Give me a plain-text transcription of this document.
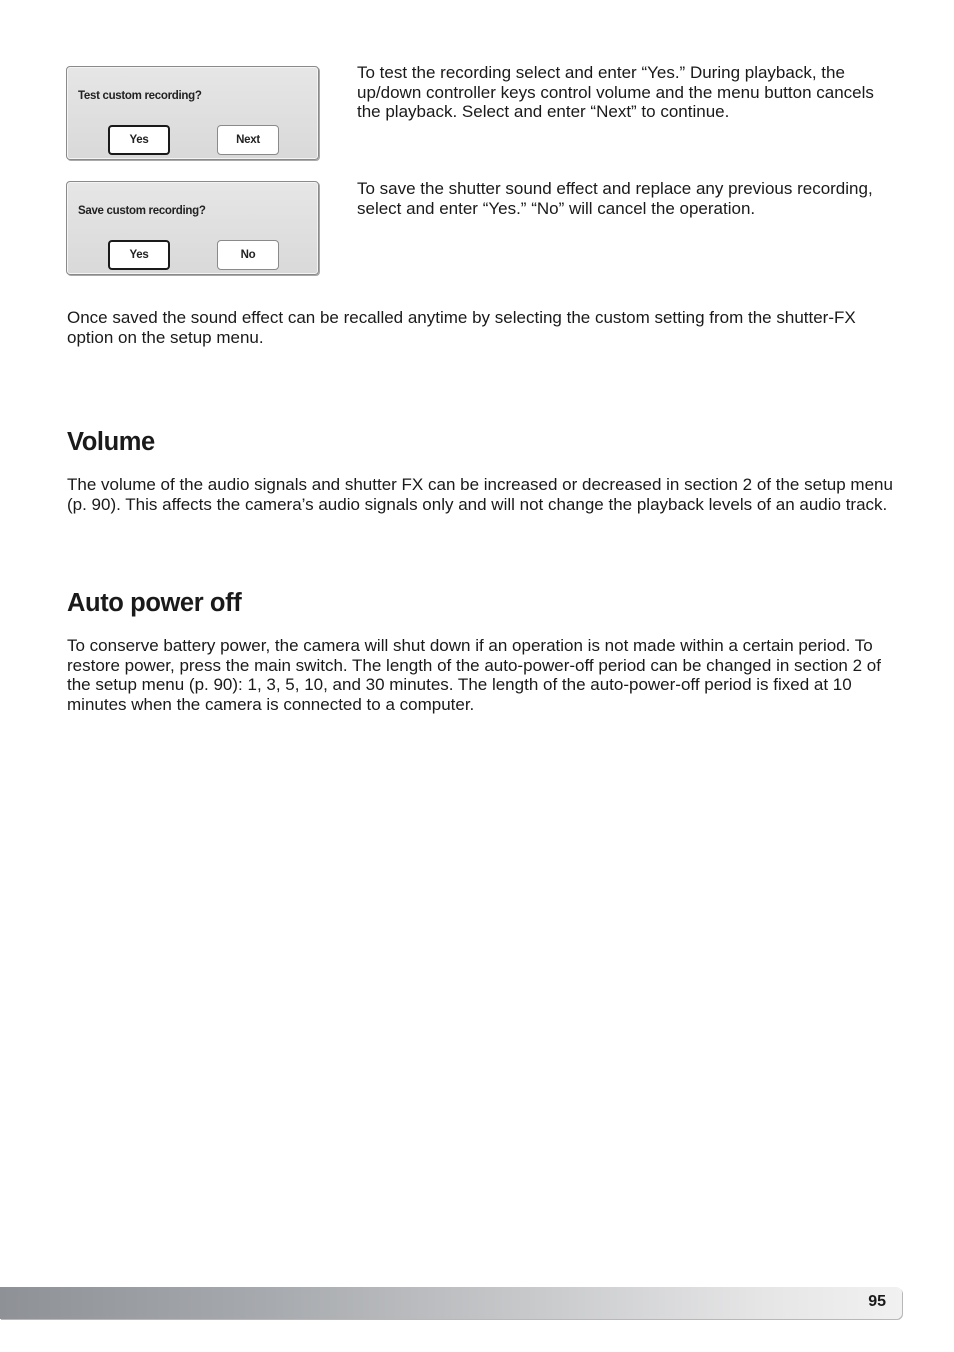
Test custom recording?
Yes	Next
Save custom recording?
Yes	No

To test the recording select and enter “Yes.” During playback, the up/down controller keys control volume and the menu button cancels the playback. Select and enter “Next” to continue.

To save the shutter sound effect and replace any previous recording, select and enter “Yes.” “No” will cancel the operation.

Once saved the sound effect can be recalled anytime by selecting the custom setting from the shutter-FX option on the setup menu.

Volume

The volume of the audio signals and shutter FX can be increased or decreased in section 2 of the setup menu (p. 90). This affects the camera’s audio signals only and will not change the playback levels of an audio track.

Auto power off

To conserve battery power, the camera will shut down if an operation is not made within a certain period. To restore power, press the main switch. The length of the auto-power-off period can be changed in section 2 of the setup menu (p. 90): 1, 3, 5, 10, and 30 minutes. The length of the auto-power-off period is fixed at 10 minutes when the camera is connected to a computer.

95
